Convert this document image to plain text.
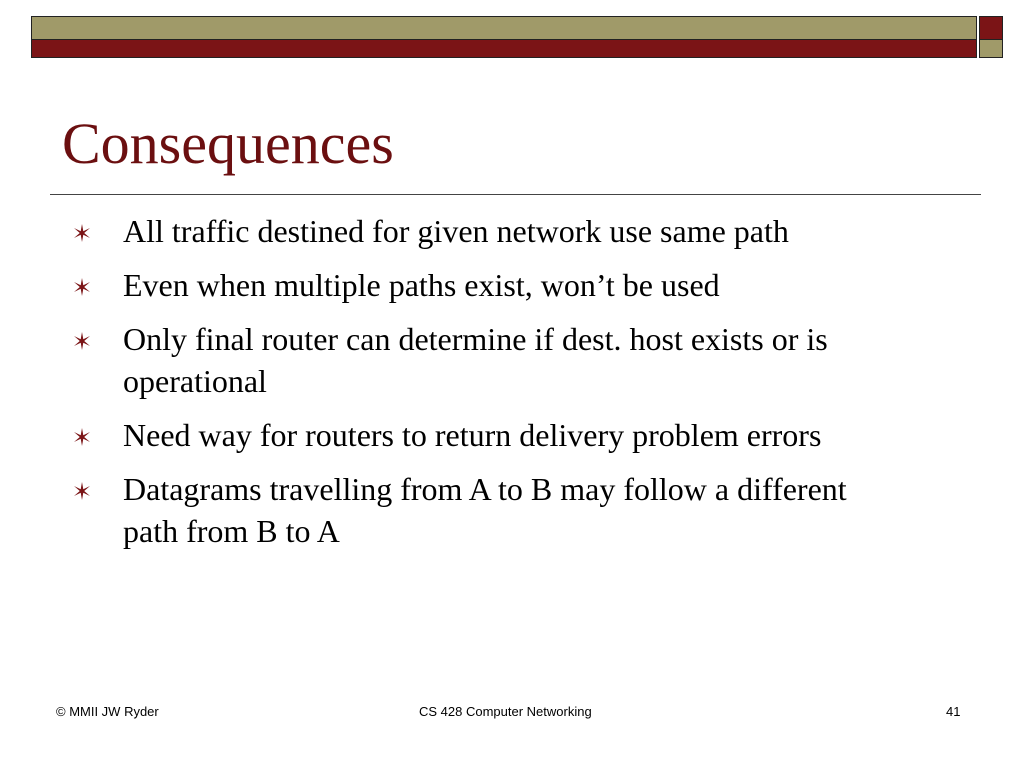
Consequences
All traffic destined for given network use same path
Even when multiple paths exist, won’t be used
Only final router can determine if dest. host exists or is operational
Need way for routers to return delivery problem errors
Datagrams travelling from A to B may follow a different path from B to A
© MMII JW Ryder	CS 428 Computer Networking	41
